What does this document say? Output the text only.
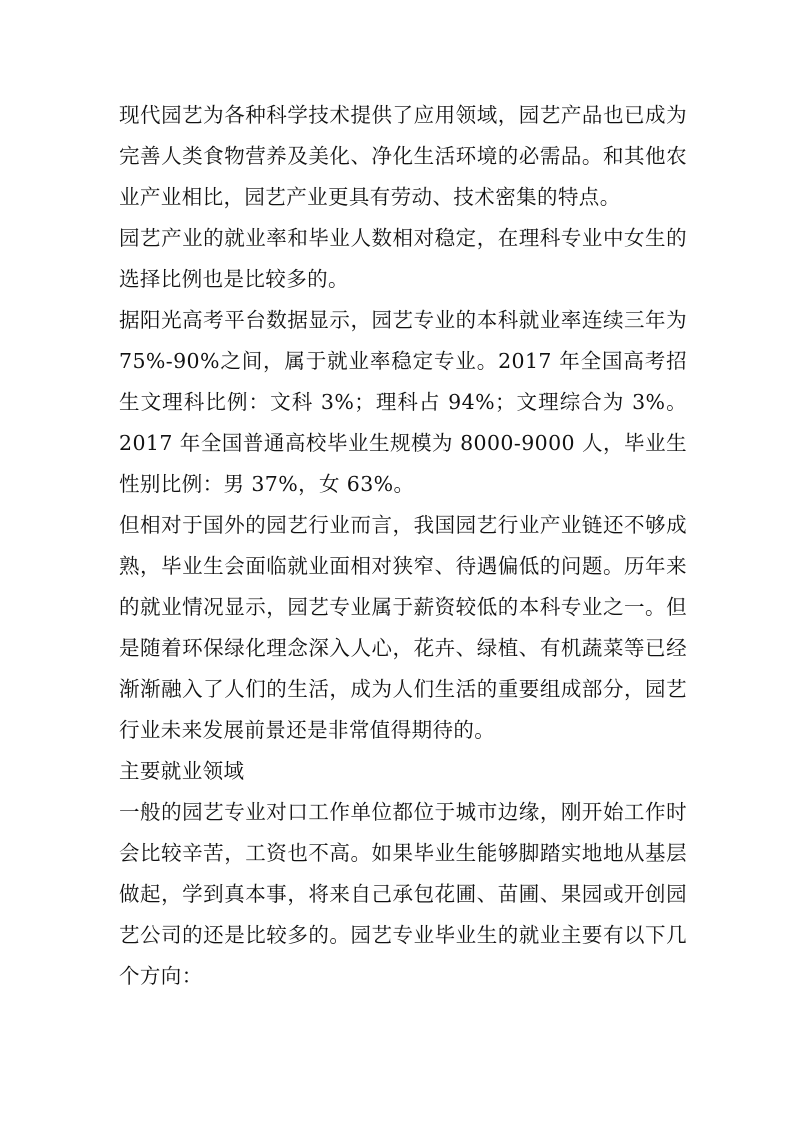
现代园艺为各种科学技术提供了应用领域，园艺产品也已成为完善人类食物营养及美化、净化生活环境的必需品。和其他农业产业相比，园艺产业更具有劳动、技术密集的特点。

园艺产业的就业率和毕业人数相对稳定，在理科专业中女生的选择比例也是比较多的。

据阳光高考平台数据显示，园艺专业的本科就业率连续三年为 75%-90%之间，属于就业率稳定专业。2017 年全国高考招生文理科比例：文科 3%；理科占 94%；文理综合为 3%。2017 年全国普通高校毕业生规模为 8000-9000 人，毕业生性别比例：男 37%，女 63%。

但相对于国外的园艺行业而言，我国园艺行业产业链还不够成熟，毕业生会面临就业面相对狭窄、待遇偏低的问题。历年来的就业情况显示，园艺专业属于薪资较低的本科专业之一。但是随着环保绿化理念深入人心，花卉、绿植、有机蔬菜等已经渐渐融入了人们的生活，成为人们生活的重要组成部分，园艺行业未来发展前景还是非常值得期待的。

主要就业领域

一般的园艺专业对口工作单位都位于城市边缘，刚开始工作时会比较辛苦，工资也不高。如果毕业生能够脚踏实地地从基层做起，学到真本事，将来自己承包花圃、苗圃、果园或开创园艺公司的还是比较多的。园艺专业毕业生的就业主要有以下几个方向：
